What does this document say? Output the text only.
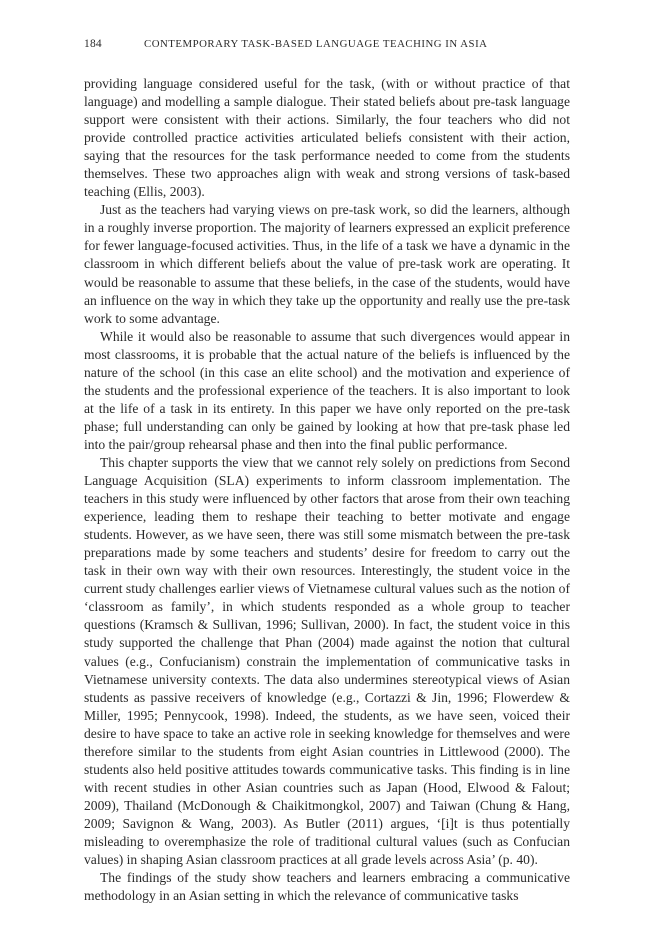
184	CONTEMPORARY TASK-BASED LANGUAGE TEACHING IN ASIA

providing language considered useful for the task, (with or without practice of that language) and modelling a sample dialogue. Their stated beliefs about pre-task language support were consistent with their actions. Similarly, the four teachers who did not provide controlled practice activities articulated beliefs consistent with their action, saying that the resources for the task performance needed to come from the students themselves. These two approaches align with weak and strong versions of task-based teaching (Ellis, 2003).

Just as the teachers had varying views on pre-task work, so did the learners, although in a roughly inverse proportion. The majority of learners expressed an explicit preference for fewer language-focused activities. Thus, in the life of a task we have a dynamic in the classroom in which different beliefs about the value of pre-task work are operating. It would be reasonable to assume that these beliefs, in the case of the students, would have an influence on the way in which they take up the opportunity and really use the pre-task work to some advantage.

While it would also be reasonable to assume that such divergences would appear in most classrooms, it is probable that the actual nature of the beliefs is influenced by the nature of the school (in this case an elite school) and the motivation and experience of the students and the professional experience of the teachers. It is also important to look at the life of a task in its entirety. In this paper we have only reported on the pre-task phase; full understanding can only be gained by looking at how that pre-task phase led into the pair/group rehearsal phase and then into the final public performance.

This chapter supports the view that we cannot rely solely on predictions from Second Language Acquisition (SLA) experiments to inform classroom implementation. The teachers in this study were influenced by other factors that arose from their own teaching experience, leading them to reshape their teaching to better motivate and engage students. However, as we have seen, there was still some mismatch between the pre-task preparations made by some teachers and students’ desire for freedom to carry out the task in their own way with their own resources. Interestingly, the student voice in the current study challenges earlier views of Vietnamese cultural values such as the notion of ‘classroom as family’, in which students responded as a whole group to teacher questions (Kramsch & Sullivan, 1996; Sullivan, 2000). In fact, the student voice in this study supported the challenge that Phan (2004) made against the notion that cultural values (e.g., Confucianism) constrain the implementation of communicative tasks in Vietnamese university contexts. The data also undermines stereotypical views of Asian students as passive receivers of knowledge (e.g., Cortazzi & Jin, 1996; Flowerdew & Miller, 1995; Pennycook, 1998). Indeed, the students, as we have seen, voiced their desire to have space to take an active role in seeking knowledge for themselves and were therefore similar to the students from eight Asian countries in Littlewood (2000). The students also held positive attitudes towards communicative tasks. This finding is in line with recent studies in other Asian countries such as Japan (Hood, Elwood & Falout; 2009), Thailand (McDonough & Chaikitmongkol, 2007) and Taiwan (Chung & Hang, 2009; Savignon & Wang, 2003). As Butler (2011) argues, ‘[i]t is thus potentially misleading to overemphasize the role of traditional cultural values (such as Confucian values) in shaping Asian classroom practices at all grade levels across Asia’ (p. 40).

The findings of the study show teachers and learners embracing a communicative methodology in an Asian setting in which the relevance of communicative tasks
